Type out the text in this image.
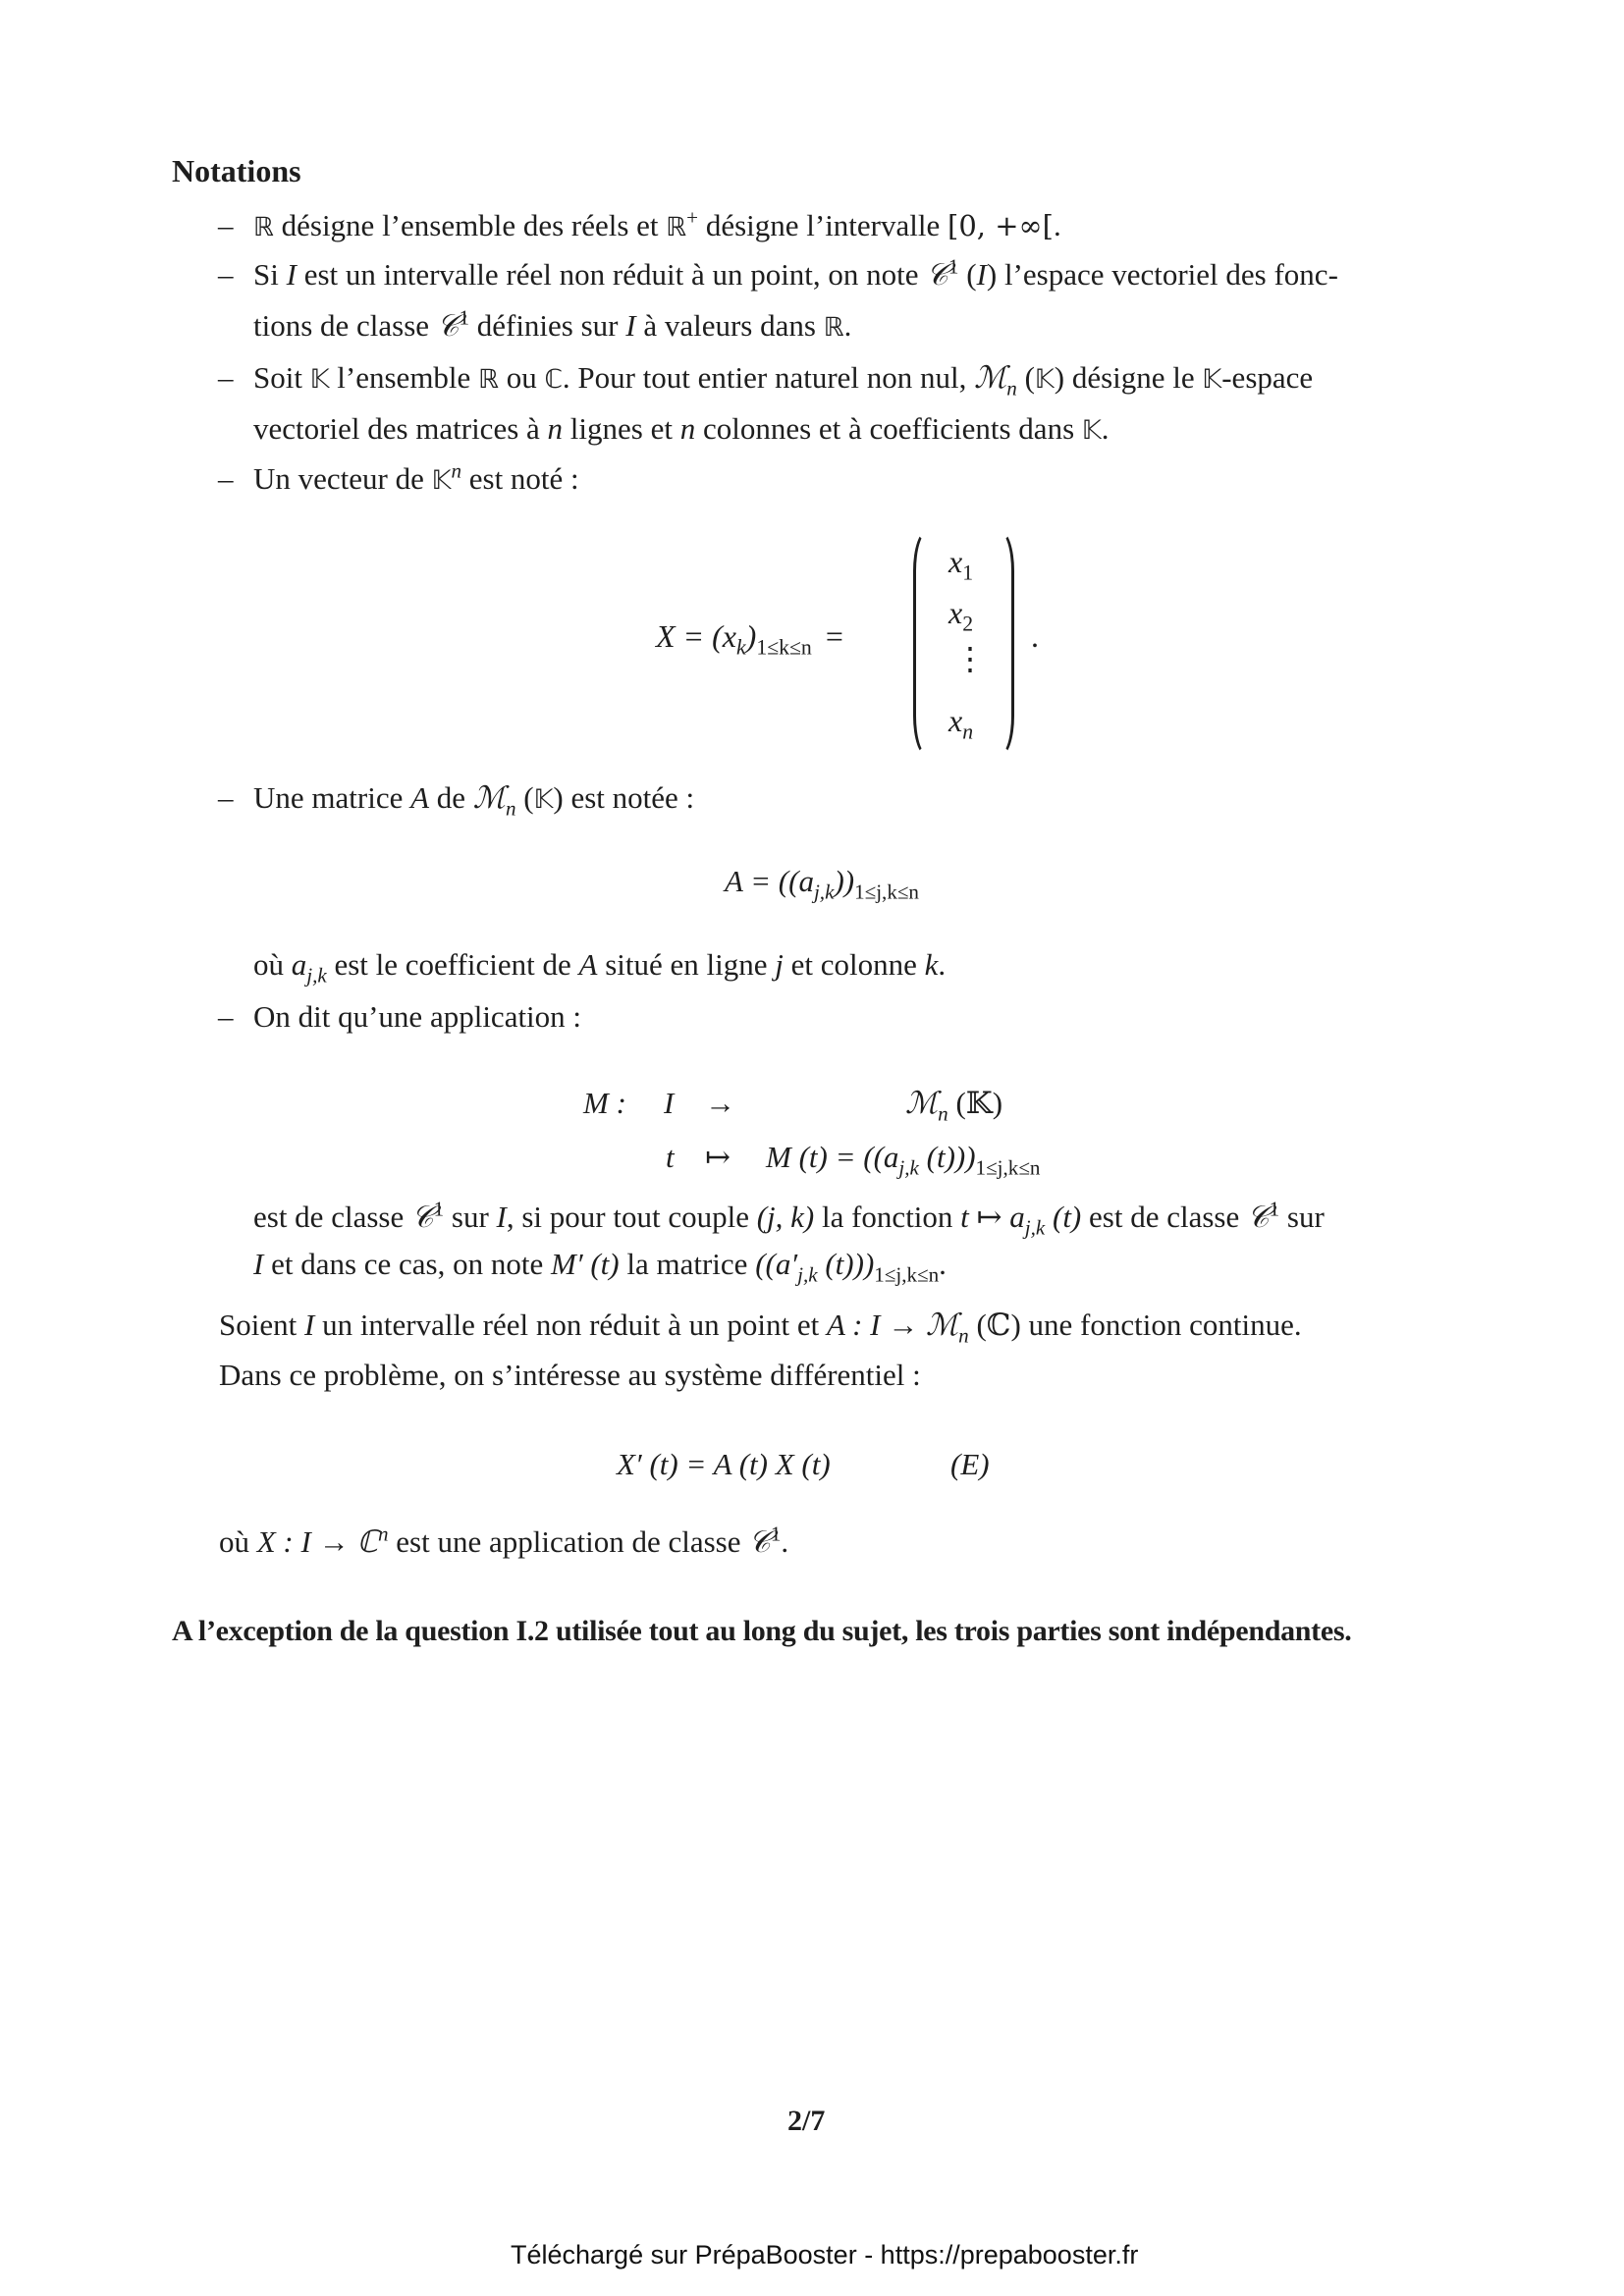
Notations
– ℝ désigne l’ensemble des réels et ℝ+ désigne l’intervalle [0, +∞[.
– Si I est un intervalle réel non réduit à un point, on note 𝒞$^1$ (I) l’espace vectoriel des fonc-
tions de classe 𝒞$^1$ définies sur I à valeurs dans ℝ.
– Soit 𝕂 l’ensemble ℝ ou ℂ. Pour tout entier naturel non nul, ℳ$_n$ (𝕂) désigne le 𝕂-espace
vectoriel des matrices à n lignes et n colonnes et à coefficients dans 𝕂.
– Un vecteur de 𝕂$^n$ est noté :
$X = (x_k)_{1\le k\le n}$ =
$x_1$
$x_2$
⋮
$x_n$
.
– Une matrice A de ℳ$_n$ (𝕂) est notée :
$A = ((a_{j,k}))_{1\le j,k\le n}$
où $a_{j,k}$ est le coefficient de A situé en ligne j et colonne k.
– On dit qu’une application :
M : I →	ℳ$_n$ (𝕂)
t ↦ M $(t) = ((a_{j,k}$ $(t)))_{1\le j,k\le n}$
est de classe 𝒞$^1$ sur I, si pour tout couple (j, k) la fonction t ↦ $a_{j,k}$ (t) est de classe 𝒞$^1$ sur
I et dans ce cas, on note M′ (t) la matrice (($a'_{j,k}$ $(t)))_{1\le j,k\le n}$.
Soient I un intervalle réel non réduit à un point et A : I → ℳ$_n$ (ℂ) une fonction continue.
Dans ce problème, on s’intéresse au système différentiel :
X′ (t) = A (t) X (t)	(E)
où X : I → ℂ$^n$ est une application de classe 𝒞$^1$.
A l’exception de la question I.2 utilisée tout au long du sujet, les trois parties sont indépendantes.
2/7
Téléchargé sur PrépaBooster - https://prepabooster.fr
